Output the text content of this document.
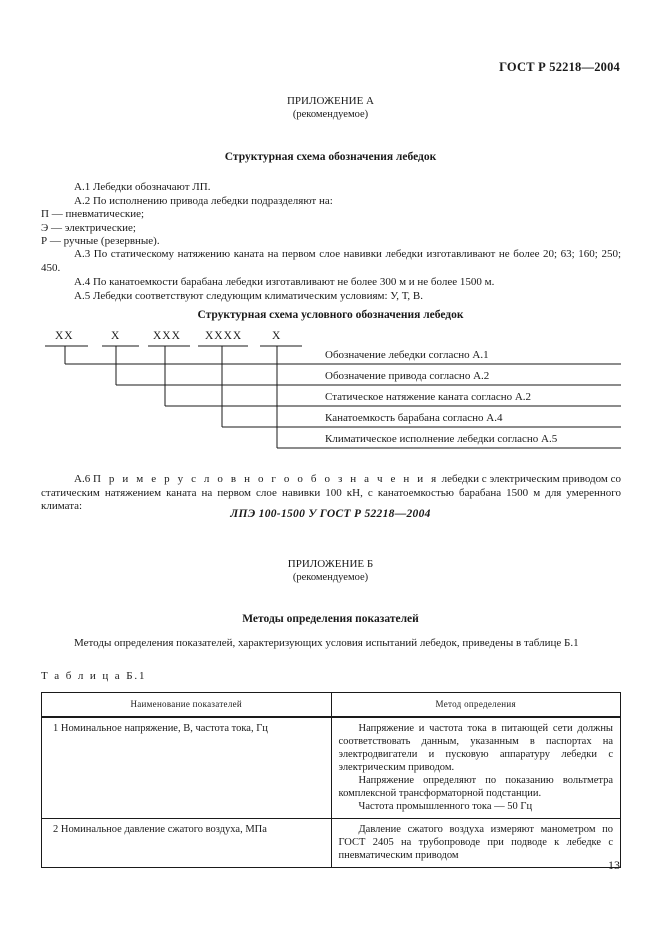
ГОСТ Р 52218—2004
ПРИЛОЖЕНИЕ А
(рекомендуемое)
Структурная схема обозначения лебедок
А.1 Лебедки обозначают ЛП.
А.2 По исполнению привода лебедки подразделяют на:
П — пневматические;
Э — электрические;
Р — ручные (резервные).
А.3 По статическому натяжению каната на первом слое навивки лебедки изготавливают не более 20; 63; 160; 250; 450.
А.4 По канатоемкости барабана лебедки изготавливают не более 300 м и не более 1500 м.
А.5 Лебедки соответствуют следующим климатическим условиям: У, Т, В.
Структурная схема условного обозначения лебедок
XX	X	XXX XXXX	X
Обозначение лебедки согласно А.1
Обозначение привода согласно А.2
Статическое натяжение каната согласно А.2
Канатоемкость барабана согласно А.4
Климатическое исполнение лебедки согласно А.5
А.6 П р и м е р у с л о в н о г о о б о з н а ч е н и я лебедки с электрическим приводом со статическим натяжением каната на первом слое навивки 100 кН, с канатоемкостью барабана 1500 м для умеренного климата:
ЛПЭ 100-1500 У ГОСТ Р 52218—2004
ПРИЛОЖЕНИЕ Б
(рекомендуемое)
Методы определения показателей
Методы определения показателей, характеризующих условия испытаний лебедок, приведены в таблице Б.1
Т а б л и ц а Б.1
Наименование показателей	Метод определения

1 Номинальное напряжение, В, частота тока, Гц	Напряжение и частота тока в питающей сети должны соответствовать данным, указанным в паспортах на электродвигатели и пусковую аппаратуру лебедки с электрическим приводом.

Напряжение определяют по показанию вольтметра комплексной трансформаторной подстанции.

Частота промышленного тока — 50 Гц

2 Номинальное давление сжатого воздуха, МПа	Давление сжатого воздуха измеряют манометром по ГОСТ 2405 на трубопроводе при подводе к лебедке с пневматическим приводом

13
